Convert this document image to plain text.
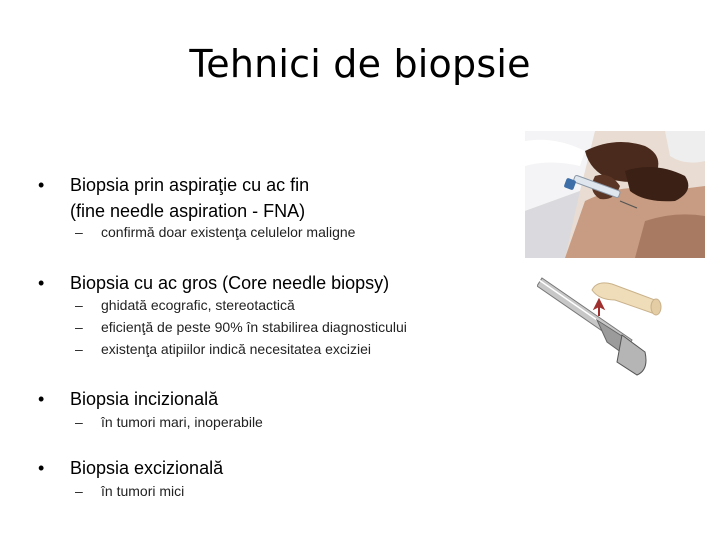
Tehnici de biopsie
• Biopsia prin aspiraţie cu ac fin
(fine needle aspiration - FNA)
– confirmă doar existenţa celulelor maligne
• Biopsia cu ac gros (Core needle biopsy)
– ghidată ecografic, stereotactică
– eficienţă de peste 90% în stabilirea diagnosticului
– existenţa atipiilor indică necesitatea exciziei
• Biopsia incizională
– în tumori mari, inoperabile
• Biopsia excizională
– în tumori mici
